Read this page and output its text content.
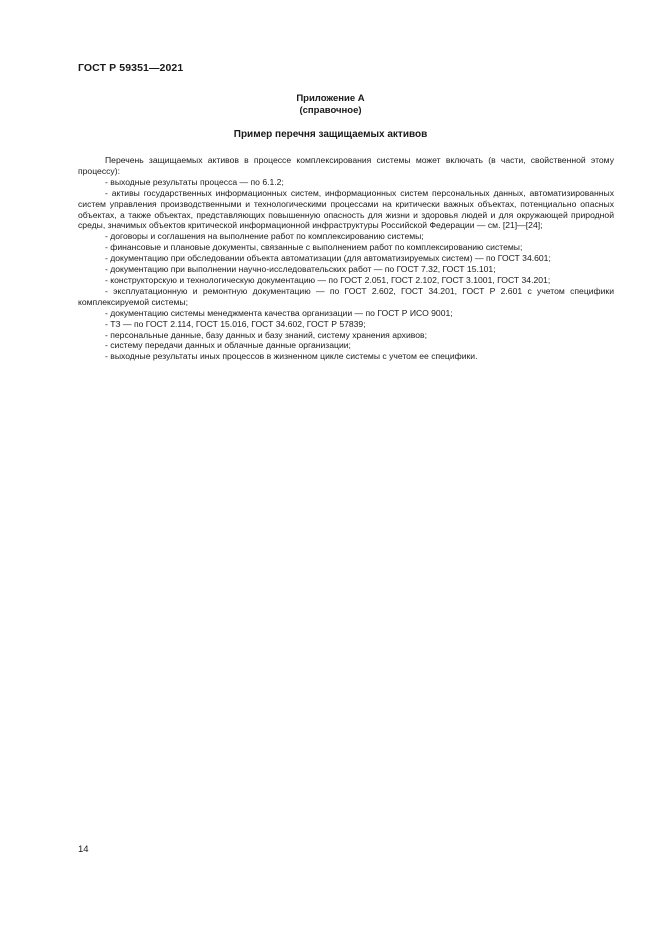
ГОСТ Р 59351—2021
Приложение А
(справочное)
Пример перечня защищаемых активов

Перечень защищаемых активов в процессе комплексирования системы может включать (в части, свойственной этому процессу):

- выходные результаты процесса — по 6.1.2;

- активы государственных информационных систем, информационных систем персональных данных, автоматизированных систем управления производственными и технологическими процессами на критически важных объектах, потенциально опасных объектах, а также объектах, представляющих повышенную опасность для жизни и здоровья людей и для окружающей природной среды, значимых объектов критической информационной инфраструктуры Российской Федерации — см. [21]—[24];

- договоры и соглашения на выполнение работ по комплексированию системы;

- финансовые и плановые документы, связанные с выполнением работ по комплексированию системы;

- документацию при обследовании объекта автоматизации (для автоматизируемых систем) — по ГОСТ 34.601;

- документацию при выполнении научно-исследовательских работ — по ГОСТ 7.32, ГОСТ 15.101;

- конструкторскую и технологическую документацию — по ГОСТ 2.051, ГОСТ 2.102, ГОСТ 3.1001, ГОСТ 34.201;

- эксплуатационную и ремонтную документацию — по ГОСТ 2.602, ГОСТ 34.201, ГОСТ Р 2.601 с учетом специфики комплексируемой системы;

- документацию системы менеджмента качества организации — по ГОСТ Р ИСО 9001;

- ТЗ — по ГОСТ 2.114, ГОСТ 15.016, ГОСТ 34.602, ГОСТ Р 57839;

- персональные данные, базу данных и базу знаний, систему хранения архивов;

- систему передачи данных и облачные данные организации;

- выходные результаты иных процессов в жизненном цикле системы с учетом ее специфики.

14
